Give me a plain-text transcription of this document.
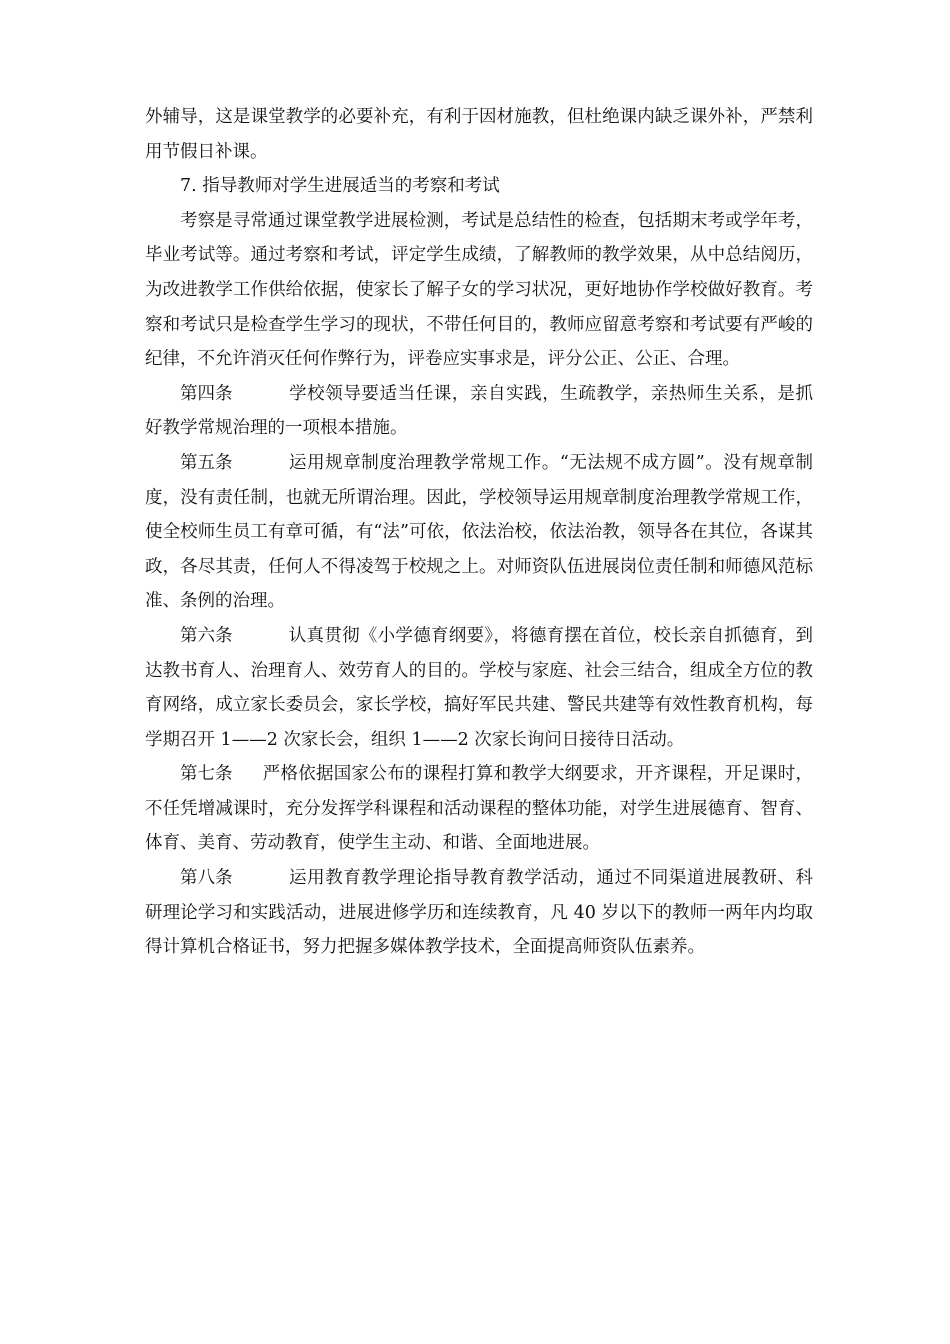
外辅导，这是课堂教学的必要补充，有利于因材施教，但杜绝课内缺乏课外补，严禁利用节假日补课。

7. 指导教师对学生进展适当的考察和考试

考察是寻常通过课堂教学进展检测，考试是总结性的检查，包括期末考或学年考，毕业考试等。通过考察和考试，评定学生成绩，了解教师的教学效果，从中总结阅历，为改进教学工作供给依据，使家长了解子女的学习状况，更好地协作学校做好教育。考察和考试只是检查学生学习的现状，不带任何目的，教师应留意考察和考试要有严峻的纪律，不允许消灭任何作弊行为，评卷应实事求是，评分公正、公正、合理。

第四条	学校领导要适当任课，亲自实践，生疏教学，亲热师生关系，是抓好教学常规治理的一项根本措施。

第五条	运用规章制度治理教学常规工作。“无法规不成方圆”。没有规章制度，没有责任制，也就无所谓治理。因此，学校领导运用规章制度治理教学常规工作，使全校师生员工有章可循，有“法”可依，依法治校，依法治教，领导各在其位，各谋其政，各尽其责，任何人不得凌驾于校规之上。对师资队伍进展岗位责任制和师德风范标准、条例的治理。

第六条	认真贯彻《小学德育纲要》，将德育摆在首位，校长亲自抓德育，到达教书育人、治理育人、效劳育人的目的。学校与家庭、社会三结合，组成全方位的教育网络，成立家长委员会，家长学校，搞好军民共建、警民共建等有效性教育机构，每学期召开 1——2 次家长会，组织 1——2 次家长询问日接待日活动。

第七条 严格依据国家公布的课程打算和教学大纲要求，开齐课程，开足课时，不任凭增减课时，充分发挥学科课程和活动课程的整体功能，对学生进展德育、智育、体育、美育、劳动教育，使学生主动、和谐、全面地进展。

第八条	运用教育教学理论指导教育教学活动，通过不同渠道进展教研、科研理论学习和实践活动，进展进修学历和连续教育，凡 40 岁以下的教师一两年内均取得计算机合格证书，努力把握多媒体教学技术，全面提高师资队伍素养。
